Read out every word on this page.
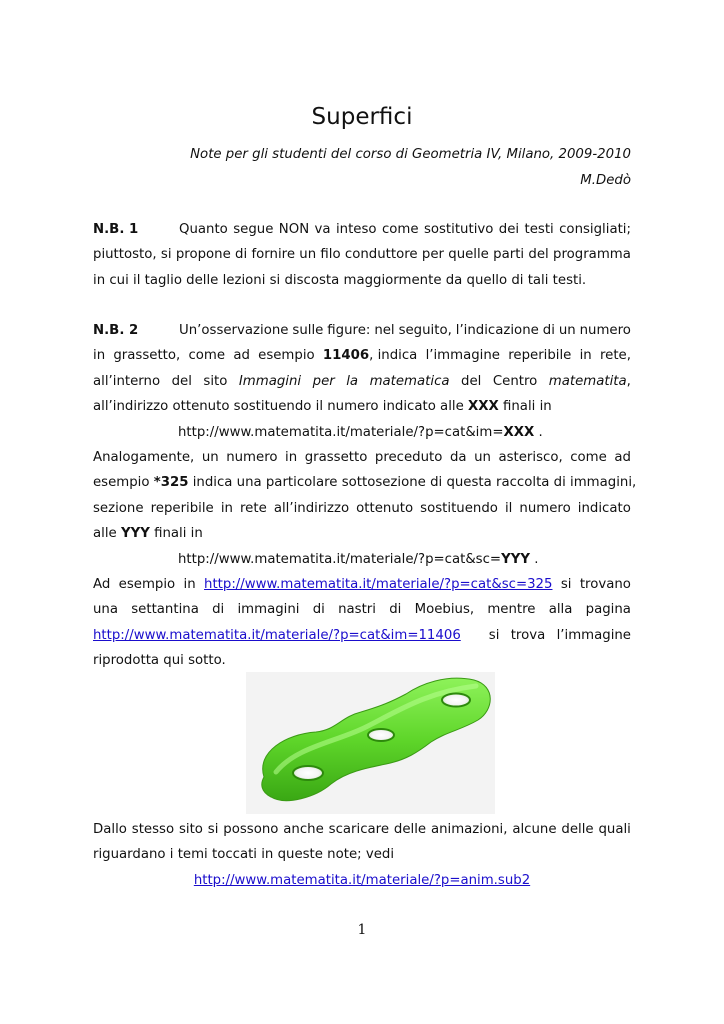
Superfici
Note per gli studenti del corso di Geometria IV, Milano, 2009-2010
M.Dedò
N.B. 1	Quanto segue NON va inteso come sostitutivo dei testi consigliati;
piuttosto, si propone di fornire un filo conduttore per quelle parti del programma
in cui il taglio delle lezioni si discosta maggiormente da quello di tali testi.
N.B. 2	Un’osservazione sulle figure: nel seguito, l’indicazione di un numero
in grassetto, come ad esempio 11406, indica l’immagine reperibile in rete,
all’interno del sito Immagini per la matematica del Centro matematita,
all’indirizzo ottenuto sostituendo il numero indicato alle XXX finali in
http://www.matematita.it/materiale/?p=cat&im=XXX .
Analogamente, un numero in grassetto preceduto da un asterisco, come ad
esempio *325 indica una particolare sottosezione di questa raccolta di immagini,
sezione reperibile in rete all’indirizzo ottenuto sostituendo il numero indicato
alle YYY finali in
http://www.matematita.it/materiale/?p=cat&sc=YYY .
Ad esempio in http://www.matematita.it/materiale/?p=cat&sc=325 si trovano
una settantina di immagini di nastri di Moebius, mentre alla pagina
http://www.matematita.it/materiale/?p=cat&im=11406 si trova l’immagine
riprodotta qui sotto.
Dallo stesso sito si possono anche scaricare delle animazioni, alcune delle quali
riguardano i temi toccati in queste note; vedi
http://www.matematita.it/materiale/?p=anim.sub2
1
